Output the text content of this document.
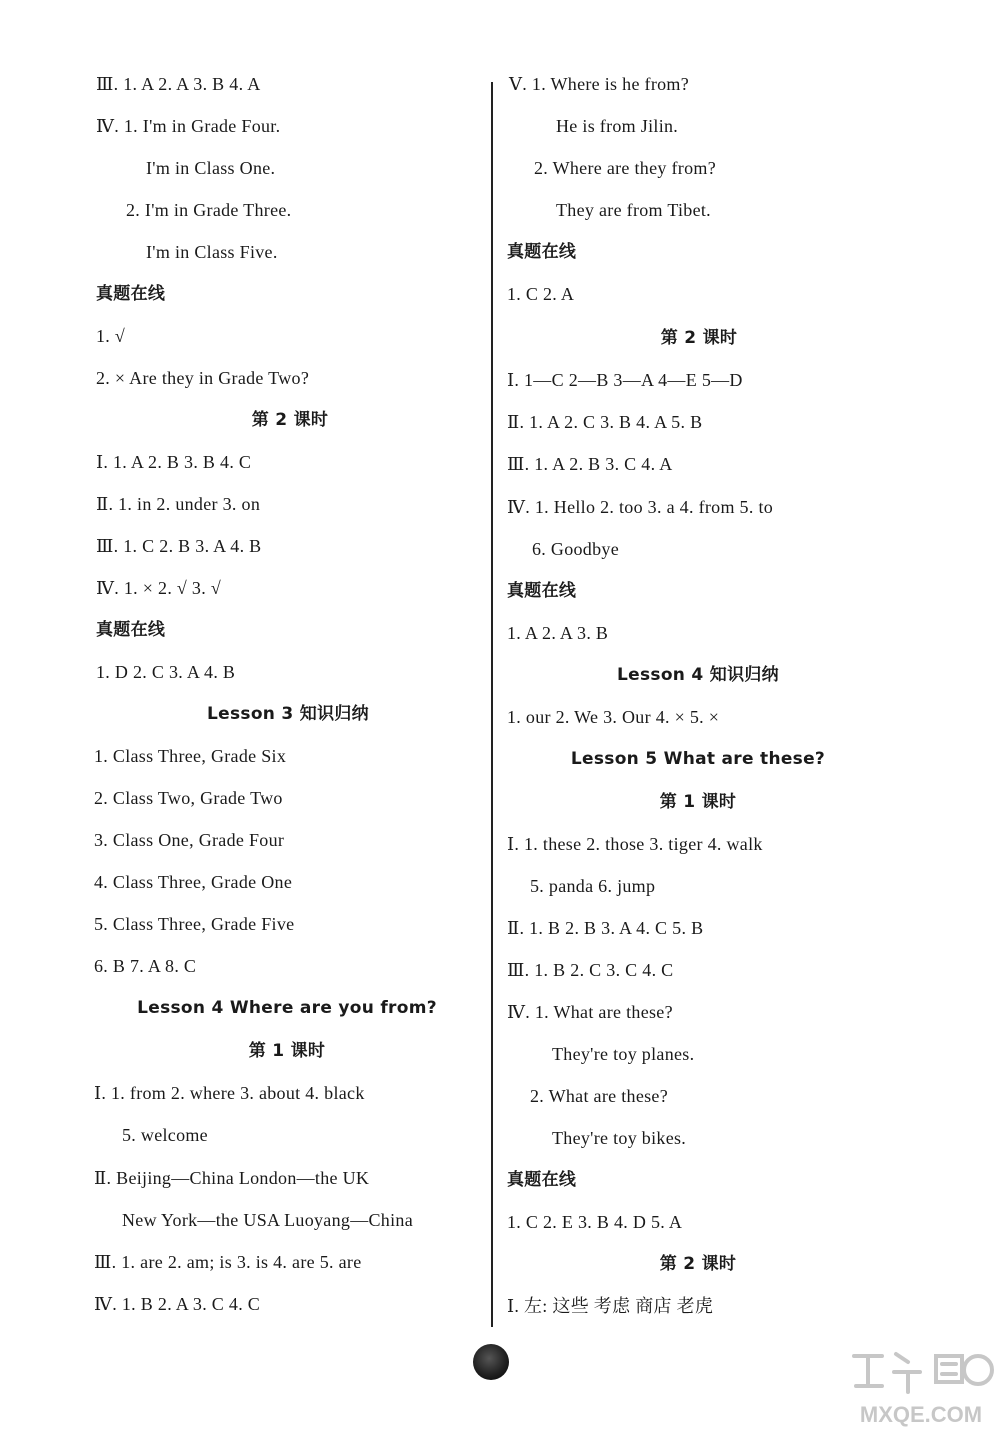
Ⅲ. 1. A 2. A 3. B 4. A
Ⅳ. 1. I'm in Grade Four.
I'm in Class One.
2. I'm in Grade Three.
I'm in Class Five.
真题在线
1. √
2. × Are they in Grade Two?
第 2 课时
Ⅰ. 1. A 2. B 3. B 4. C
Ⅱ. 1. in 2. under 3. on
Ⅲ. 1. C 2. B 3. A 4. B
Ⅳ. 1. × 2. √ 3. √
真题在线
1. D 2. C 3. A 4. B
Lesson 3 知识归纳
1. Class Three, Grade Six
2. Class Two, Grade Two
3. Class One, Grade Four
4. Class Three, Grade One
5. Class Three, Grade Five
6. B 7. A 8. C
Lesson 4 Where are you from?
第 1 课时
Ⅰ. 1. from 2. where 3. about 4. black
5. welcome
Ⅱ. Beijing—China London—the UK
New York—the USA Luoyang—China
Ⅲ. 1. are 2. am; is 3. is 4. are 5. are
Ⅳ. 1. B 2. A 3. C 4. C
Ⅴ. 1. Where is he from?
He is from Jilin.
2. Where are they from?
They are from Tibet.
真题在线
1. C 2. A
第 2 课时
Ⅰ. 1—C 2—B 3—A 4—E 5—D
Ⅱ. 1. A 2. C 3. B 4. A 5. B
Ⅲ. 1. A 2. B 3. C 4. A
Ⅳ. 1. Hello 2. too 3. a 4. from 5. to
6. Goodbye
真题在线
1. A 2. A 3. B
Lesson 4 知识归纳
1. our 2. We 3. Our 4. × 5. ×
Lesson 5 What are these?
第 1 课时
Ⅰ. 1. these 2. those 3. tiger 4. walk
5. panda 6. jump
Ⅱ. 1. B 2. B 3. A 4. C 5. B
Ⅲ. 1. B 2. C 3. C 4. C
Ⅳ. 1. What are these?
They're toy planes.
2. What are these?
They're toy bikes.
真题在线
1. C 2. E 3. B 4. D 5. A
第 2 课时
Ⅰ. 左: 这些 考虑 商店 老虎
MXQE.COM
